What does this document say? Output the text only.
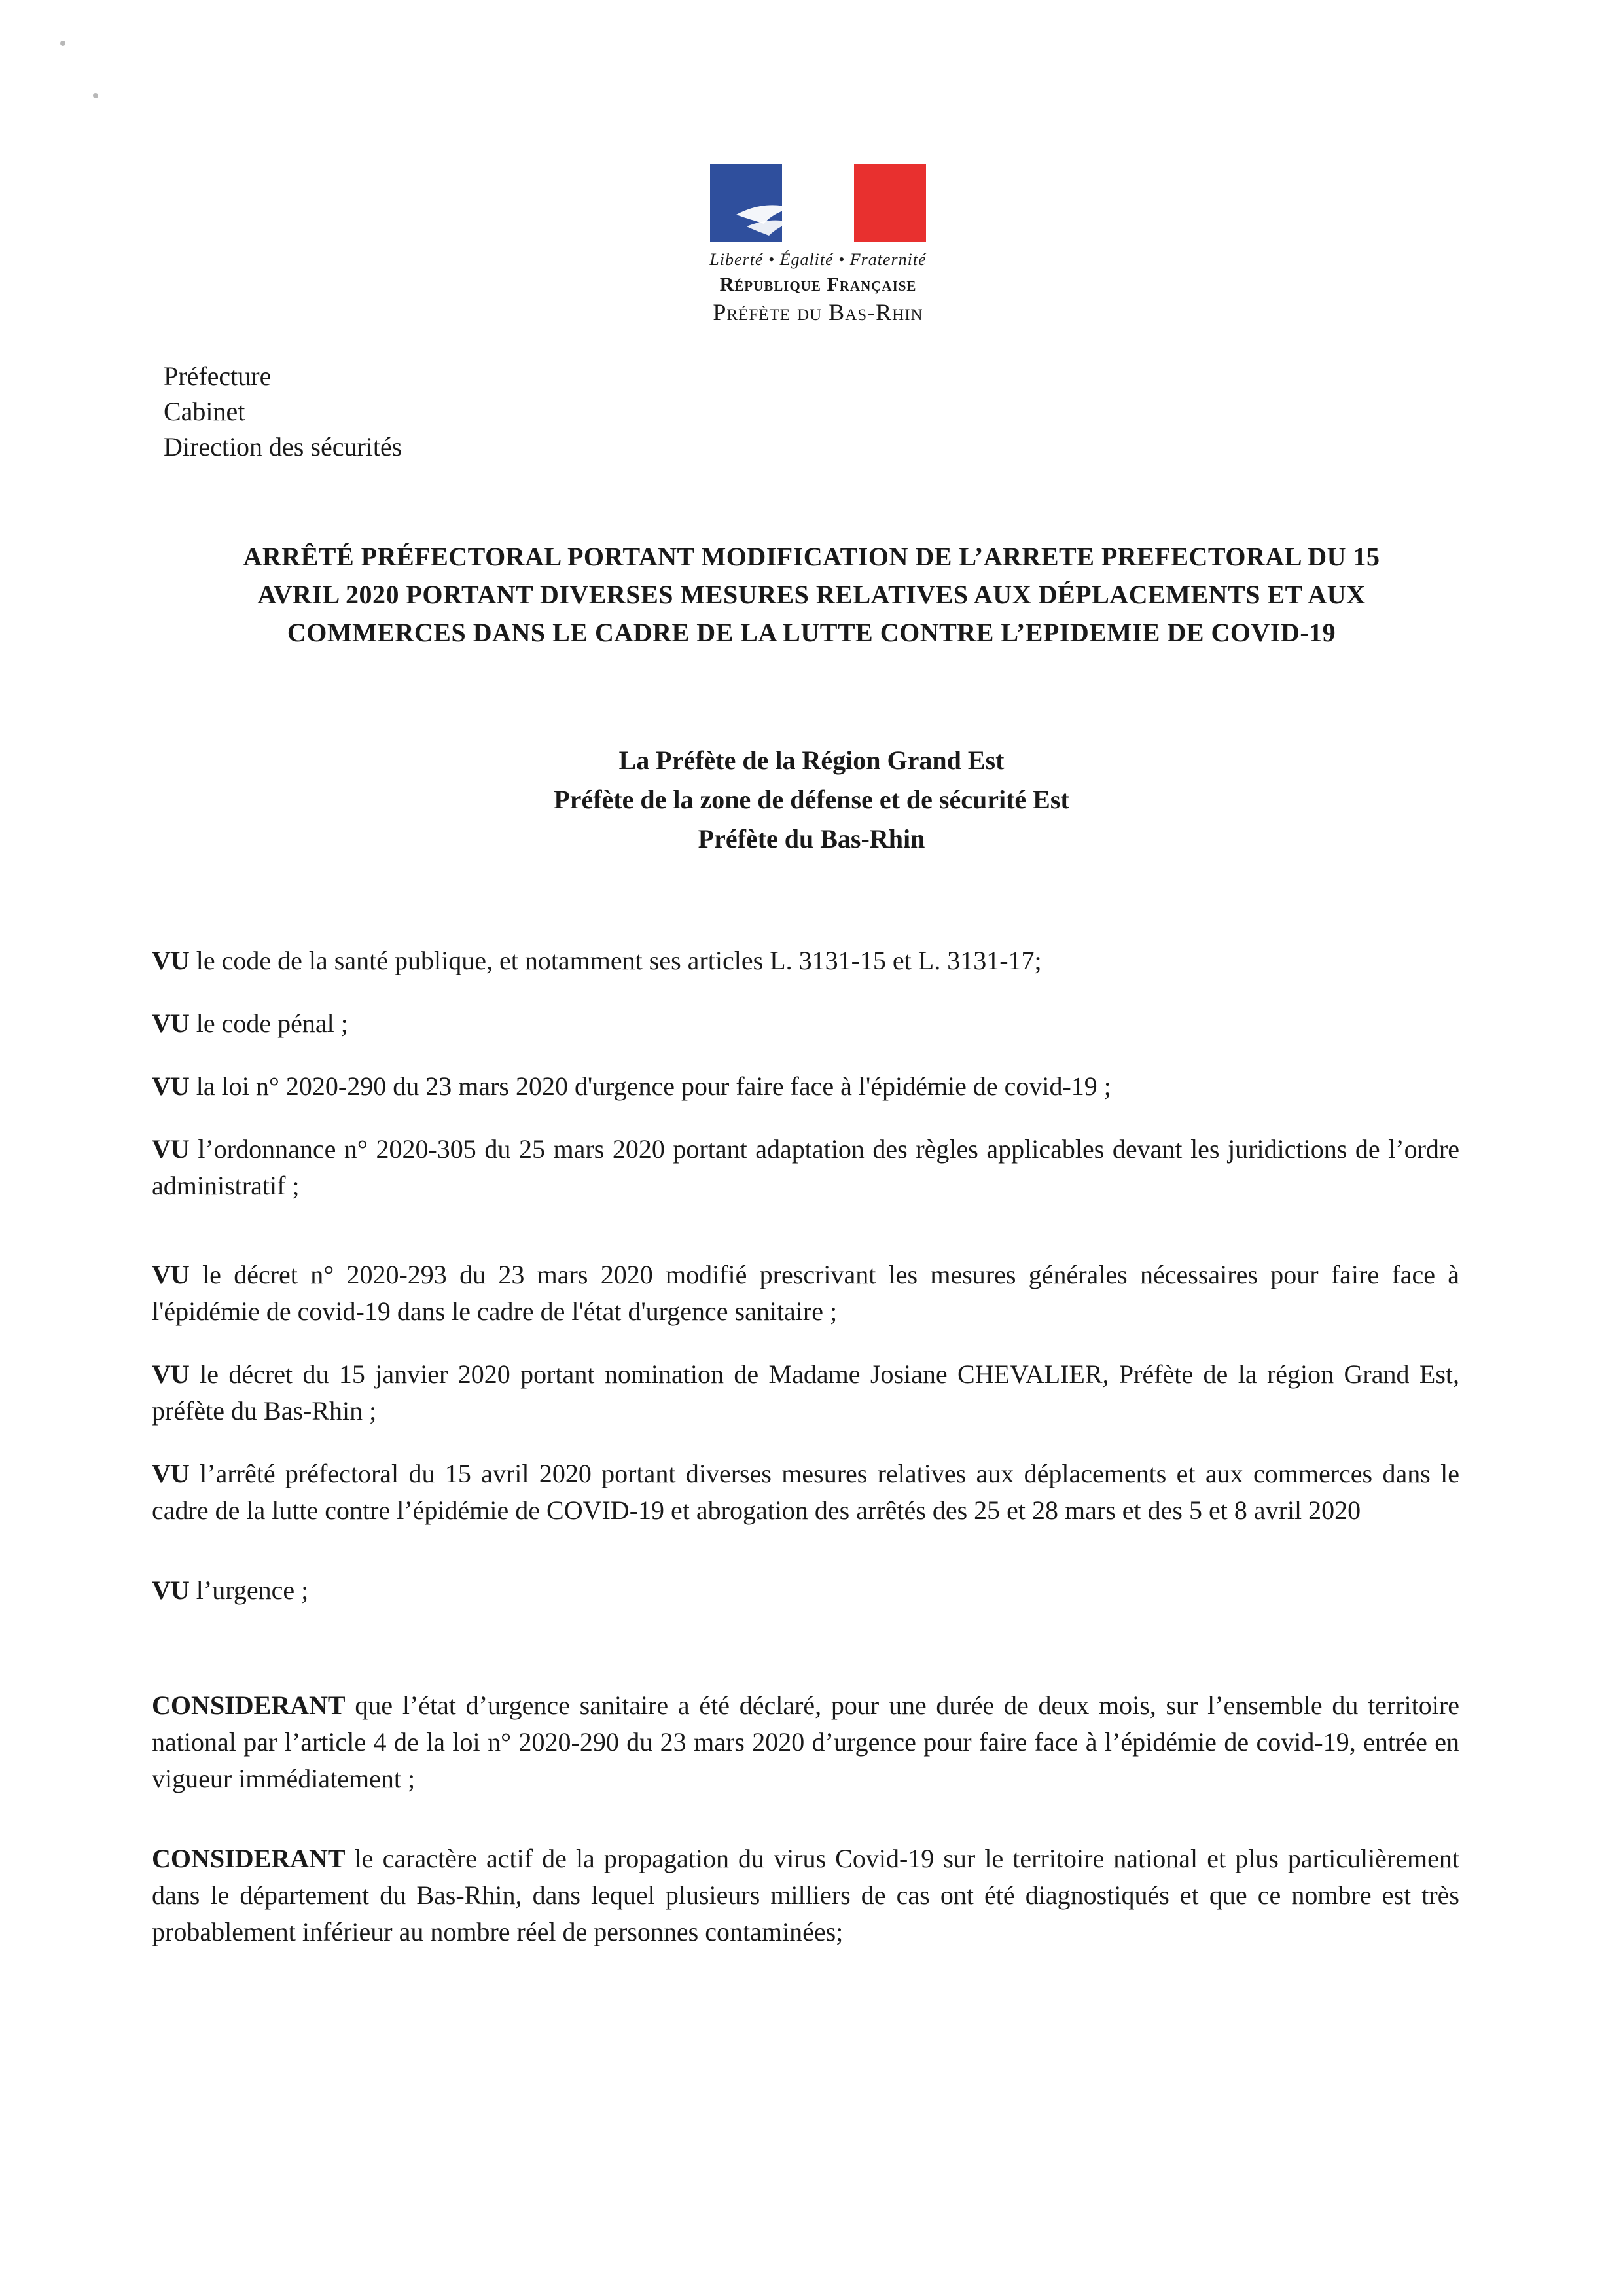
Liberté • Égalité • Fraternité
République Française
Préfète du Bas-Rhin
Préfecture
Cabinet
Direction des sécurités
ARRÊTÉ PRÉFECTORAL PORTANT MODIFICATION DE L’ARRETE PREFECTORAL DU 15
AVRIL 2020 PORTANT DIVERSES MESURES RELATIVES AUX DÉPLACEMENTS ET AUX
COMMERCES DANS LE CADRE DE LA LUTTE CONTRE L’EPIDEMIE DE COVID-19
La Préfète de la Région Grand Est
Préfète de la zone de défense et de sécurité Est
Préfète du Bas-Rhin

VU le code de la santé publique, et notamment ses articles L. 3131-15 et L. 3131-17;

VU le code pénal ;

VU la loi n° 2020-290 du 23 mars 2020 d'urgence pour faire face à l'épidémie de covid-19 ;

VU l’ordonnance n° 2020-305 du 25 mars 2020 portant adaptation des règles applicables devant les juridictions de l’ordre administratif ;

VU le décret n° 2020-293 du 23 mars 2020 modifié prescrivant les mesures générales nécessaires pour faire face à l'épidémie de covid-19 dans le cadre de l'état d'urgence sanitaire ;

VU le décret du 15 janvier 2020 portant nomination de Madame Josiane CHEVALIER, Préfète de la région Grand Est, préfète du Bas-Rhin ;

VU l’arrêté préfectoral du 15 avril 2020 portant diverses mesures relatives aux déplacements et aux commerces dans le cadre de la lutte contre l’épidémie de COVID-19 et abrogation des arrêtés des 25 et 28 mars et des 5 et 8 avril 2020

VU l’urgence ;

CONSIDERANT que l’état d’urgence sanitaire a été déclaré, pour une durée de deux mois, sur l’ensemble du territoire national par l’article 4 de la loi n° 2020-290 du 23 mars 2020 d’urgence pour faire face à l’épidémie de covid-19, entrée en vigueur immédiatement ;

CONSIDERANT le caractère actif de la propagation du virus Covid-19 sur le territoire national et plus particulièrement dans le département du Bas-Rhin, dans lequel plusieurs milliers de cas ont été diagnostiqués et que ce nombre est très probablement inférieur au nombre réel de personnes contaminées;
